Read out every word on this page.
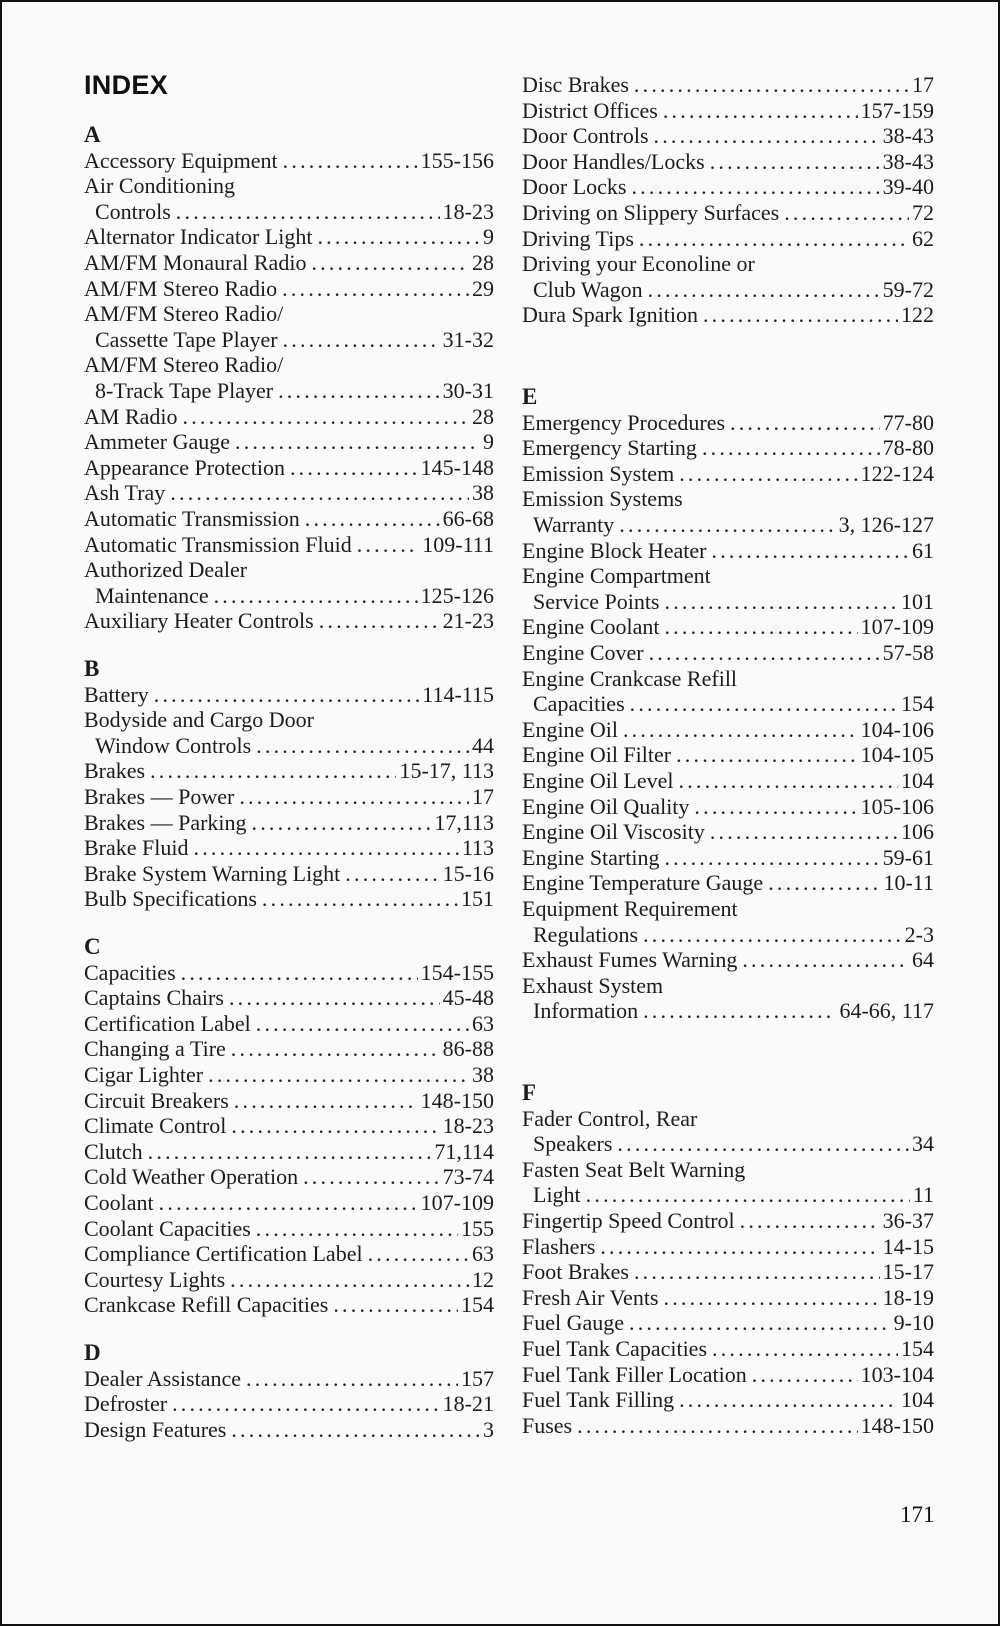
INDEX
A
Accessory Equipment .....	155-156
Air Conditioning
Controls .....	18-23
Alternator Indicator Light .....	9
AM/FM Monaural Radio .....	28
AM/FM Stereo Radio .....	29
AM/FM Stereo Radio/
Cassette Tape Player .....	31-32
AM/FM Stereo Radio/
8-Track Tape Player .....	30-31
AM Radio .....	28
Ammeter Gauge .....	9
Appearance Protection .....	145-148
Ash Tray .....	38
Automatic Transmission .....	66-68
Automatic Transmission Fluid .....	109-111
Authorized Dealer
Maintenance .....	125-126
Auxiliary Heater Controls .....	21-23
B
Battery .....	114-115
Bodyside and Cargo Door
Window Controls .....	44
Brakes .....	15-17, 113
Brakes — Power .....	17
Brakes — Parking .....	17,113
Brake Fluid .....	113
Brake System Warning Light .....	15-16
Bulb Specifications .....	151
C
Capacities .....	154-155
Captains Chairs .....	45-48
Certification Label .....	63
Changing a Tire .....	86-88
Cigar Lighter .....	38
Circuit Breakers .....	148-150
Climate Control .....	18-23
Clutch .....	71,114
Cold Weather Operation .....	73-74
Coolant .....	107-109
Coolant Capacities .....	155
Compliance Certification Label .....	63
Courtesy Lights .....	12
Crankcase Refill Capacities .....	154
D
Dealer Assistance .....	157
Defroster .....	18-21
Design Features .....	3
Disc Brakes .....	17
District Offices .....	157-159
Door Controls .....	38-43
Door Handles/Locks .....	38-43
Door Locks .....	39-40
Driving on Slippery Surfaces .....	72
Driving Tips .....	62
Driving your Econoline or
Club Wagon .....	59-72
Dura Spark Ignition .....	122
E
Emergency Procedures .....	77-80
Emergency Starting .....	78-80
Emission System .....	122-124
Emission Systems
Warranty .....	3, 126-127
Engine Block Heater .....	61
Engine Compartment
Service Points .....	101
Engine Coolant .....	107-109
Engine Cover .....	57-58
Engine Crankcase Refill
Capacities .....	154
Engine Oil .....	104-106
Engine Oil Filter .....	104-105
Engine Oil Level .....	104
Engine Oil Quality .....	105-106
Engine Oil Viscosity .....	106
Engine Starting .....	59-61
Engine Temperature Gauge .....	10-11
Equipment Requirement
Regulations .....	2-3
Exhaust Fumes Warning .....	64
Exhaust System
Information .....	64-66, 117
F
Fader Control, Rear
Speakers .....	34
Fasten Seat Belt Warning
Light .....	11
Fingertip Speed Control .....	36-37
Flashers .....	14-15
Foot Brakes .....	15-17
Fresh Air Vents .....	18-19
Fuel Gauge .....	9-10
Fuel Tank Capacities .....	154
Fuel Tank Filler Location .....	103-104
Fuel Tank Filling .....	104
Fuses .....	148-150
171
